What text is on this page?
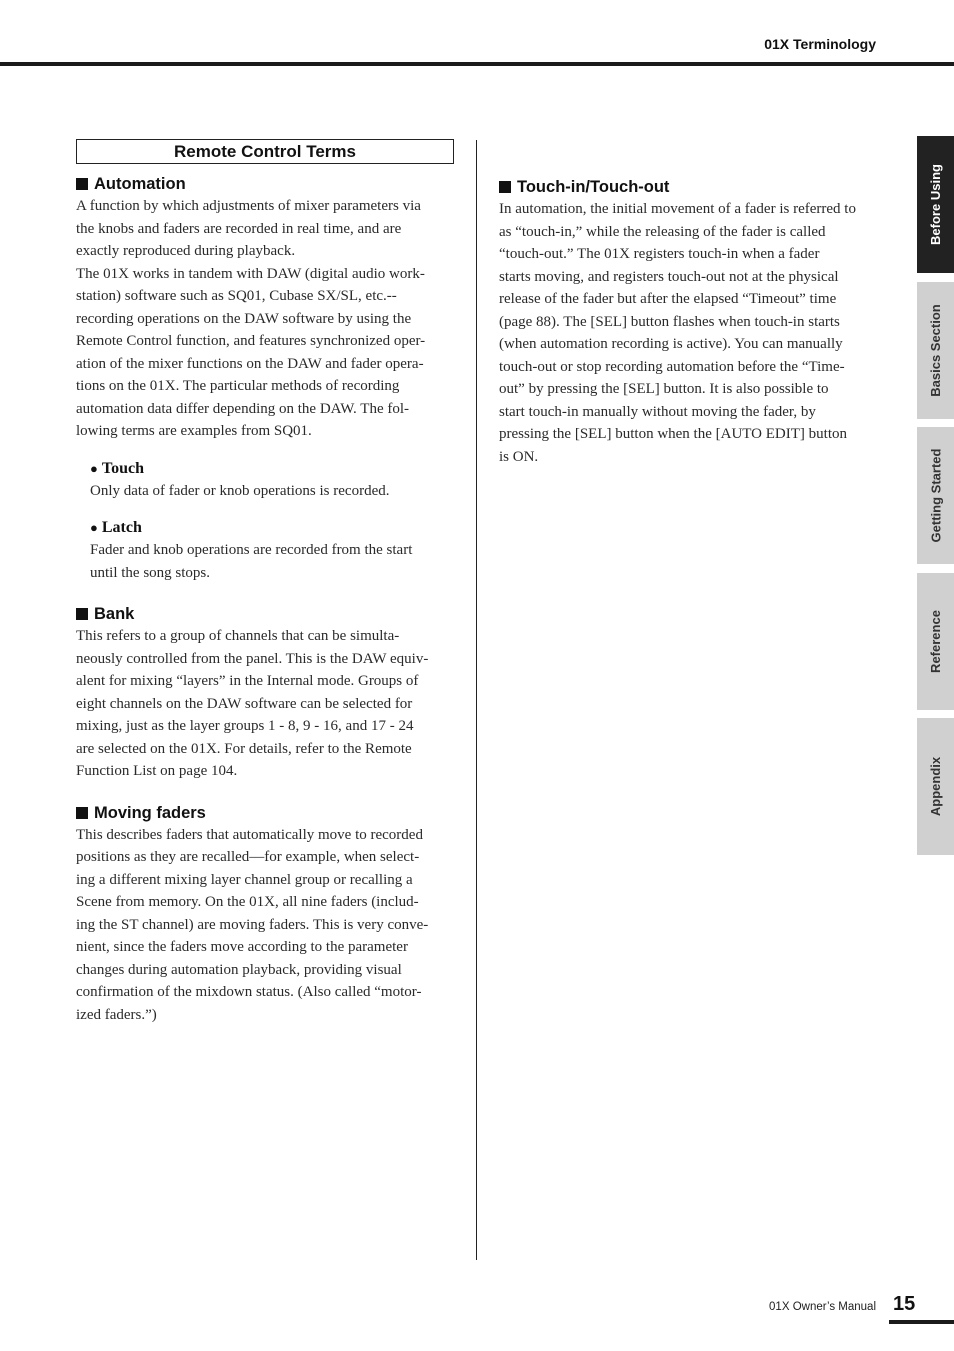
01X Terminology
Remote Control Terms
Automation
A function by which adjustments of mixer parameters via
the knobs and faders are recorded in real time, and are
exactly reproduced during playback.
The 01X works in tandem with DAW (digital audio work-
station) software such as SQ01, Cubase SX/SL, etc.--
recording operations on the DAW software by using the
Remote Control function, and features synchronized oper-
ation of the mixer functions on the DAW and fader opera-
tions on the 01X. The particular methods of recording
automation data differ depending on the DAW. The fol-
lowing terms are examples from SQ01.
● Touch
Only data of fader or knob operations is recorded.
● Latch
Fader and knob operations are recorded from the start
until the song stops.
Bank
This refers to a group of channels that can be simulta-
neously controlled from the panel. This is the DAW equiv-
alent for mixing “layers” in the Internal mode. Groups of
eight channels on the DAW software can be selected for
mixing, just as the layer groups 1 - 8, 9 - 16, and 17 - 24
are selected on the 01X. For details, refer to the Remote
Function List on page 104.
Moving faders
This describes faders that automatically move to recorded
positions as they are recalled—for example, when select-
ing a different mixing layer channel group or recalling a
Scene from memory. On the 01X, all nine faders (includ-
ing the ST channel) are moving faders. This is very conve-
nient, since the faders move according to the parameter
changes during automation playback, providing visual
confirmation of the mixdown status. (Also called “motor-
ized faders.”)
Touch-in/Touch-out
In automation, the initial movement of a fader is referred to
as “touch-in,” while the releasing of the fader is called
“touch-out.” The 01X registers touch-in when a fader
starts moving, and registers touch-out not at the physical
release of the fader but after the elapsed “Timeout” time
(page 88). The [SEL] button flashes when touch-in starts
(when automation recording is active). You can manually
touch-out or stop recording automation before the “Time-
out” by pressing the [SEL] button. It is also possible to
start touch-in manually without moving the fader, by
pressing the [SEL] button when the [AUTO EDIT] button
is ON.
Before Using
Basics Section
Getting Started
Reference
Appendix
01X Owner’s Manual 15
